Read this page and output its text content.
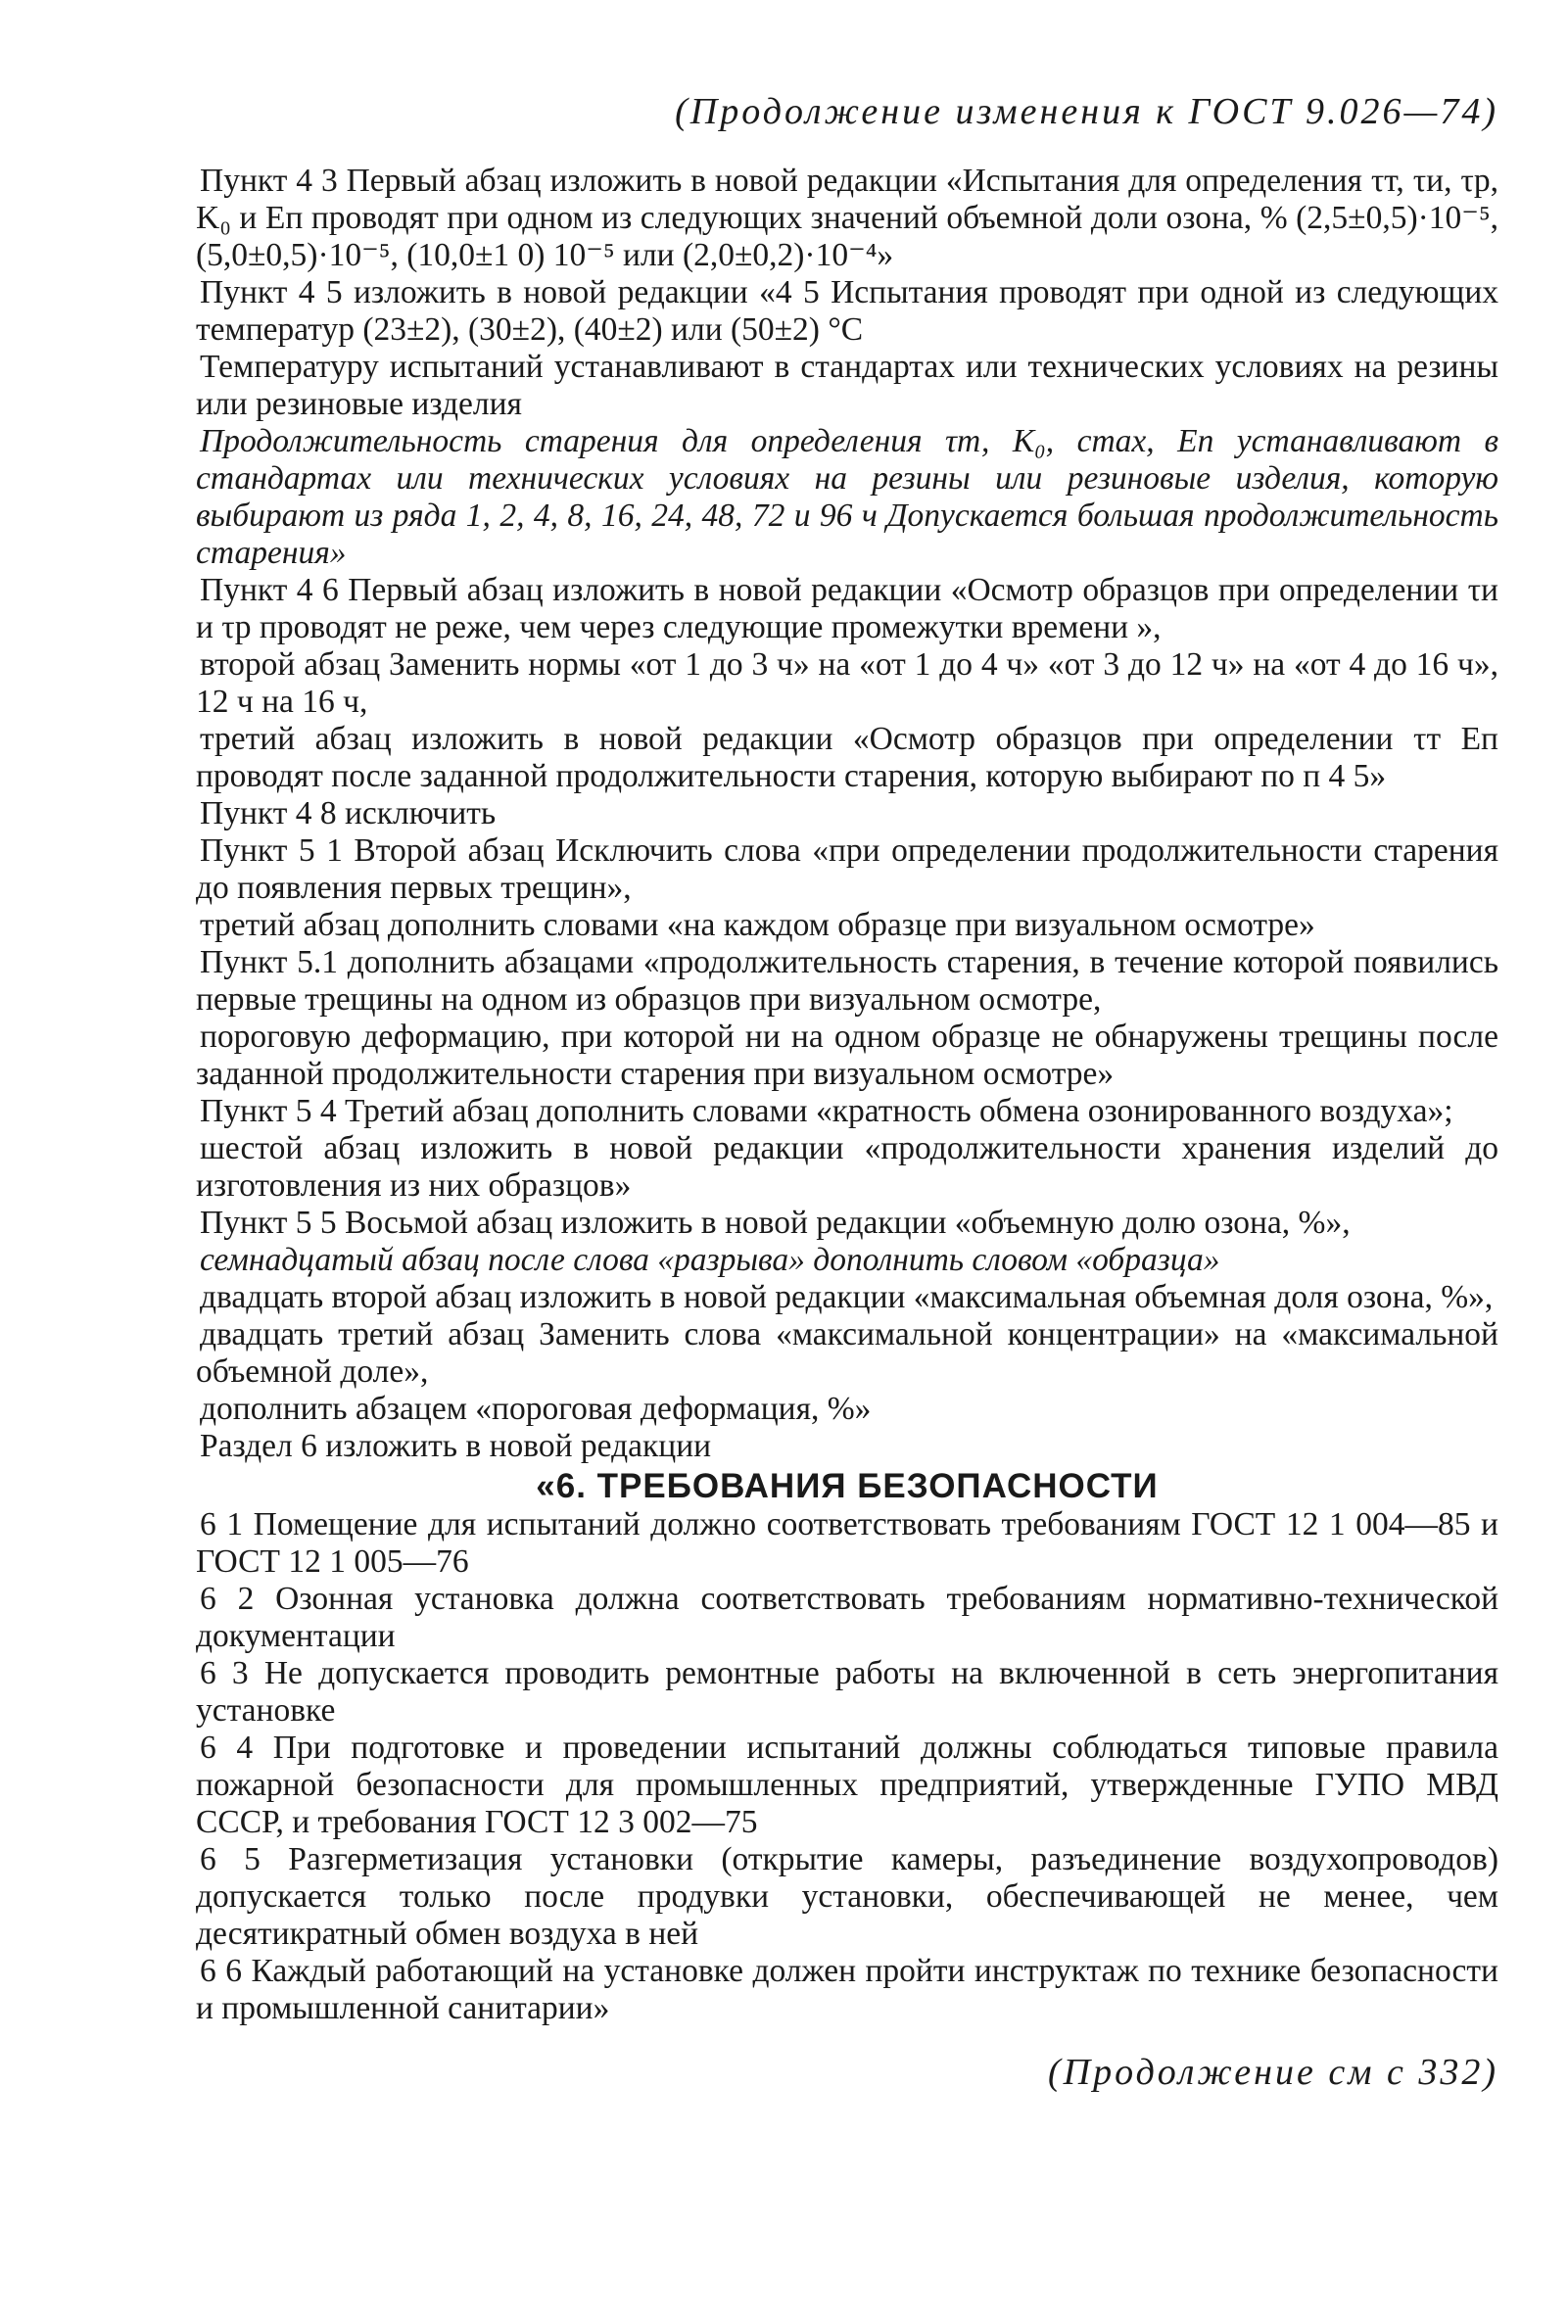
(Продолжение изменения к ГОСТ 9.026—74)

Пункт 4 3 Первый абзац изложить в новой редакции «Испытания для определения τт, τи, τр, K₀ и Eп проводят при одном из следующих значений объемной доли озона, % (2,5±0,5)·10⁻⁵, (5,0±0,5)·10⁻⁵, (10,0±1 0) 10⁻⁵ или (2,0±0,2)·10⁻⁴»

Пункт 4 5 изложить в новой редакции «4 5 Испытания проводят при одной из следующих температур (23±2), (30±2), (40±2) или (50±2) °С

Температуру испытаний устанавливают в стандартах или технических условиях на резины или резиновые изделия

Продолжительность старения для определения τт, K₀, cmax, Eп устанавливают в стандартах или технических условиях на резины или резиновые изделия, которую выбирают из ряда 1, 2, 4, 8, 16, 24, 48, 72 и 96 ч Допускается большая продолжительность старения»

Пункт 4 6 Первый абзац изложить в новой редакции «Осмотр образцов при определении τи и τр проводят не реже, чем через следующие промежутки времени »,

второй абзац Заменить нормы «от 1 до 3 ч» на «от 1 до 4 ч» «от 3 до 12 ч» на «от 4 до 16 ч», 12 ч на 16 ч,

третий абзац изложить в новой редакции «Осмотр образцов при определении τт Eп проводят после заданной продолжительности старения, которую выбирают по п 4 5»

Пункт 4 8 исключить

Пункт 5 1 Второй абзац Исключить слова «при определении продолжительности старения до появления первых трещин»,

третий абзац дополнить словами «на каждом образце при визуальном осмотре»

Пункт 5.1 дополнить абзацами «продолжительность старения, в течение которой появились первые трещины на одном из образцов при визуальном осмотре,

пороговую деформацию, при которой ни на одном образце не обнаружены трещины после заданной продолжительности старения при визуальном осмотре»

Пункт 5 4 Третий абзац дополнить словами «кратность обмена озонированного воздуха»;

шестой абзац изложить в новой редакции «продолжительности хранения изделий до изготовления из них образцов»

Пункт 5 5 Восьмой абзац изложить в новой редакции «объемную долю озона, %»,

семнадцатый абзац после слова «разрыва» дополнить словом «образца»

двадцать второй абзац изложить в новой редакции «максимальная объемная доля озона, %»,

двадцать третий абзац Заменить слова «максимальной концентрации» на «максимальной объемной доле»,

дополнить абзацем «пороговая деформация, %»

Раздел 6 изложить в новой редакции

«6. ТРЕБОВАНИЯ БЕЗОПАСНОСТИ

6 1 Помещение для испытаний должно соответствовать требованиям ГОСТ 12 1 004—85 и ГОСТ 12 1 005—76

6 2 Озонная установка должна соответствовать требованиям нормативно-технической документации

6 3 Не допускается проводить ремонтные работы на включенной в сеть энергопитания установке

6 4 При подготовке и проведении испытаний должны соблюдаться типовые правила пожарной безопасности для промышленных предприятий, утвержденные ГУПО МВД СССР, и требования ГОСТ 12 3 002—75

6 5 Разгерметизация установки (открытие камеры, разъединение воздухопроводов) допускается только после продувки установки, обеспечивающей не менее, чем десятикратный обмен воздуха в ней

6 6 Каждый работающий на установке должен пройти инструктаж по технике безопасности и промышленной санитарии»

(Продолжение см с 332)
